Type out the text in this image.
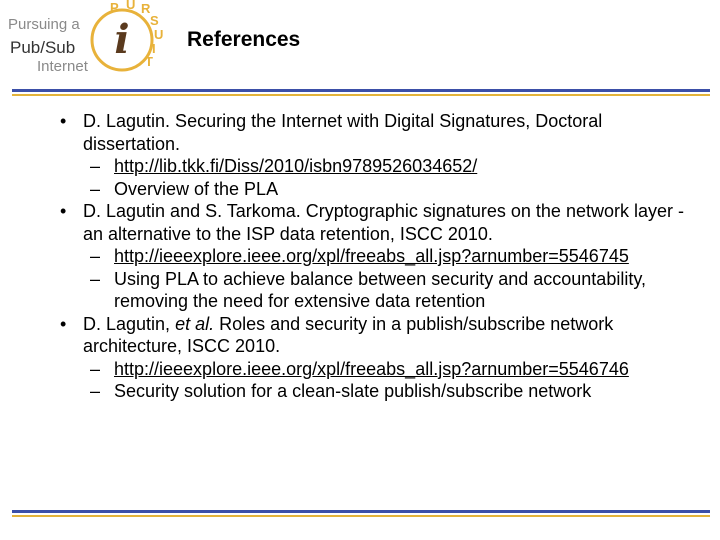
i
P U R
S
U
I
T
Pursuing a
Pub/Sub
Internet
References
• D. Lagutin. Securing the Internet with Digital Signatures, Doctoral dissertation.
– http://lib.tkk.fi/Diss/2010/isbn9789526034652/
– Overview of the PLA
• D. Lagutin and S. Tarkoma. Cryptographic signatures on the network layer - an alternative to the ISP data retention, ISCC 2010.
– http://ieeexplore.ieee.org/xpl/freeabs_all.jsp?arnumber=5546745
– Using PLA to achieve balance between security and accountability, removing the need for extensive data retention
• D. Lagutin, et al. Roles and security in a publish/subscribe network architecture, ISCC 2010.
– http://ieeexplore.ieee.org/xpl/freeabs_all.jsp?arnumber=5546746
– Security solution for a clean-slate publish/subscribe network
